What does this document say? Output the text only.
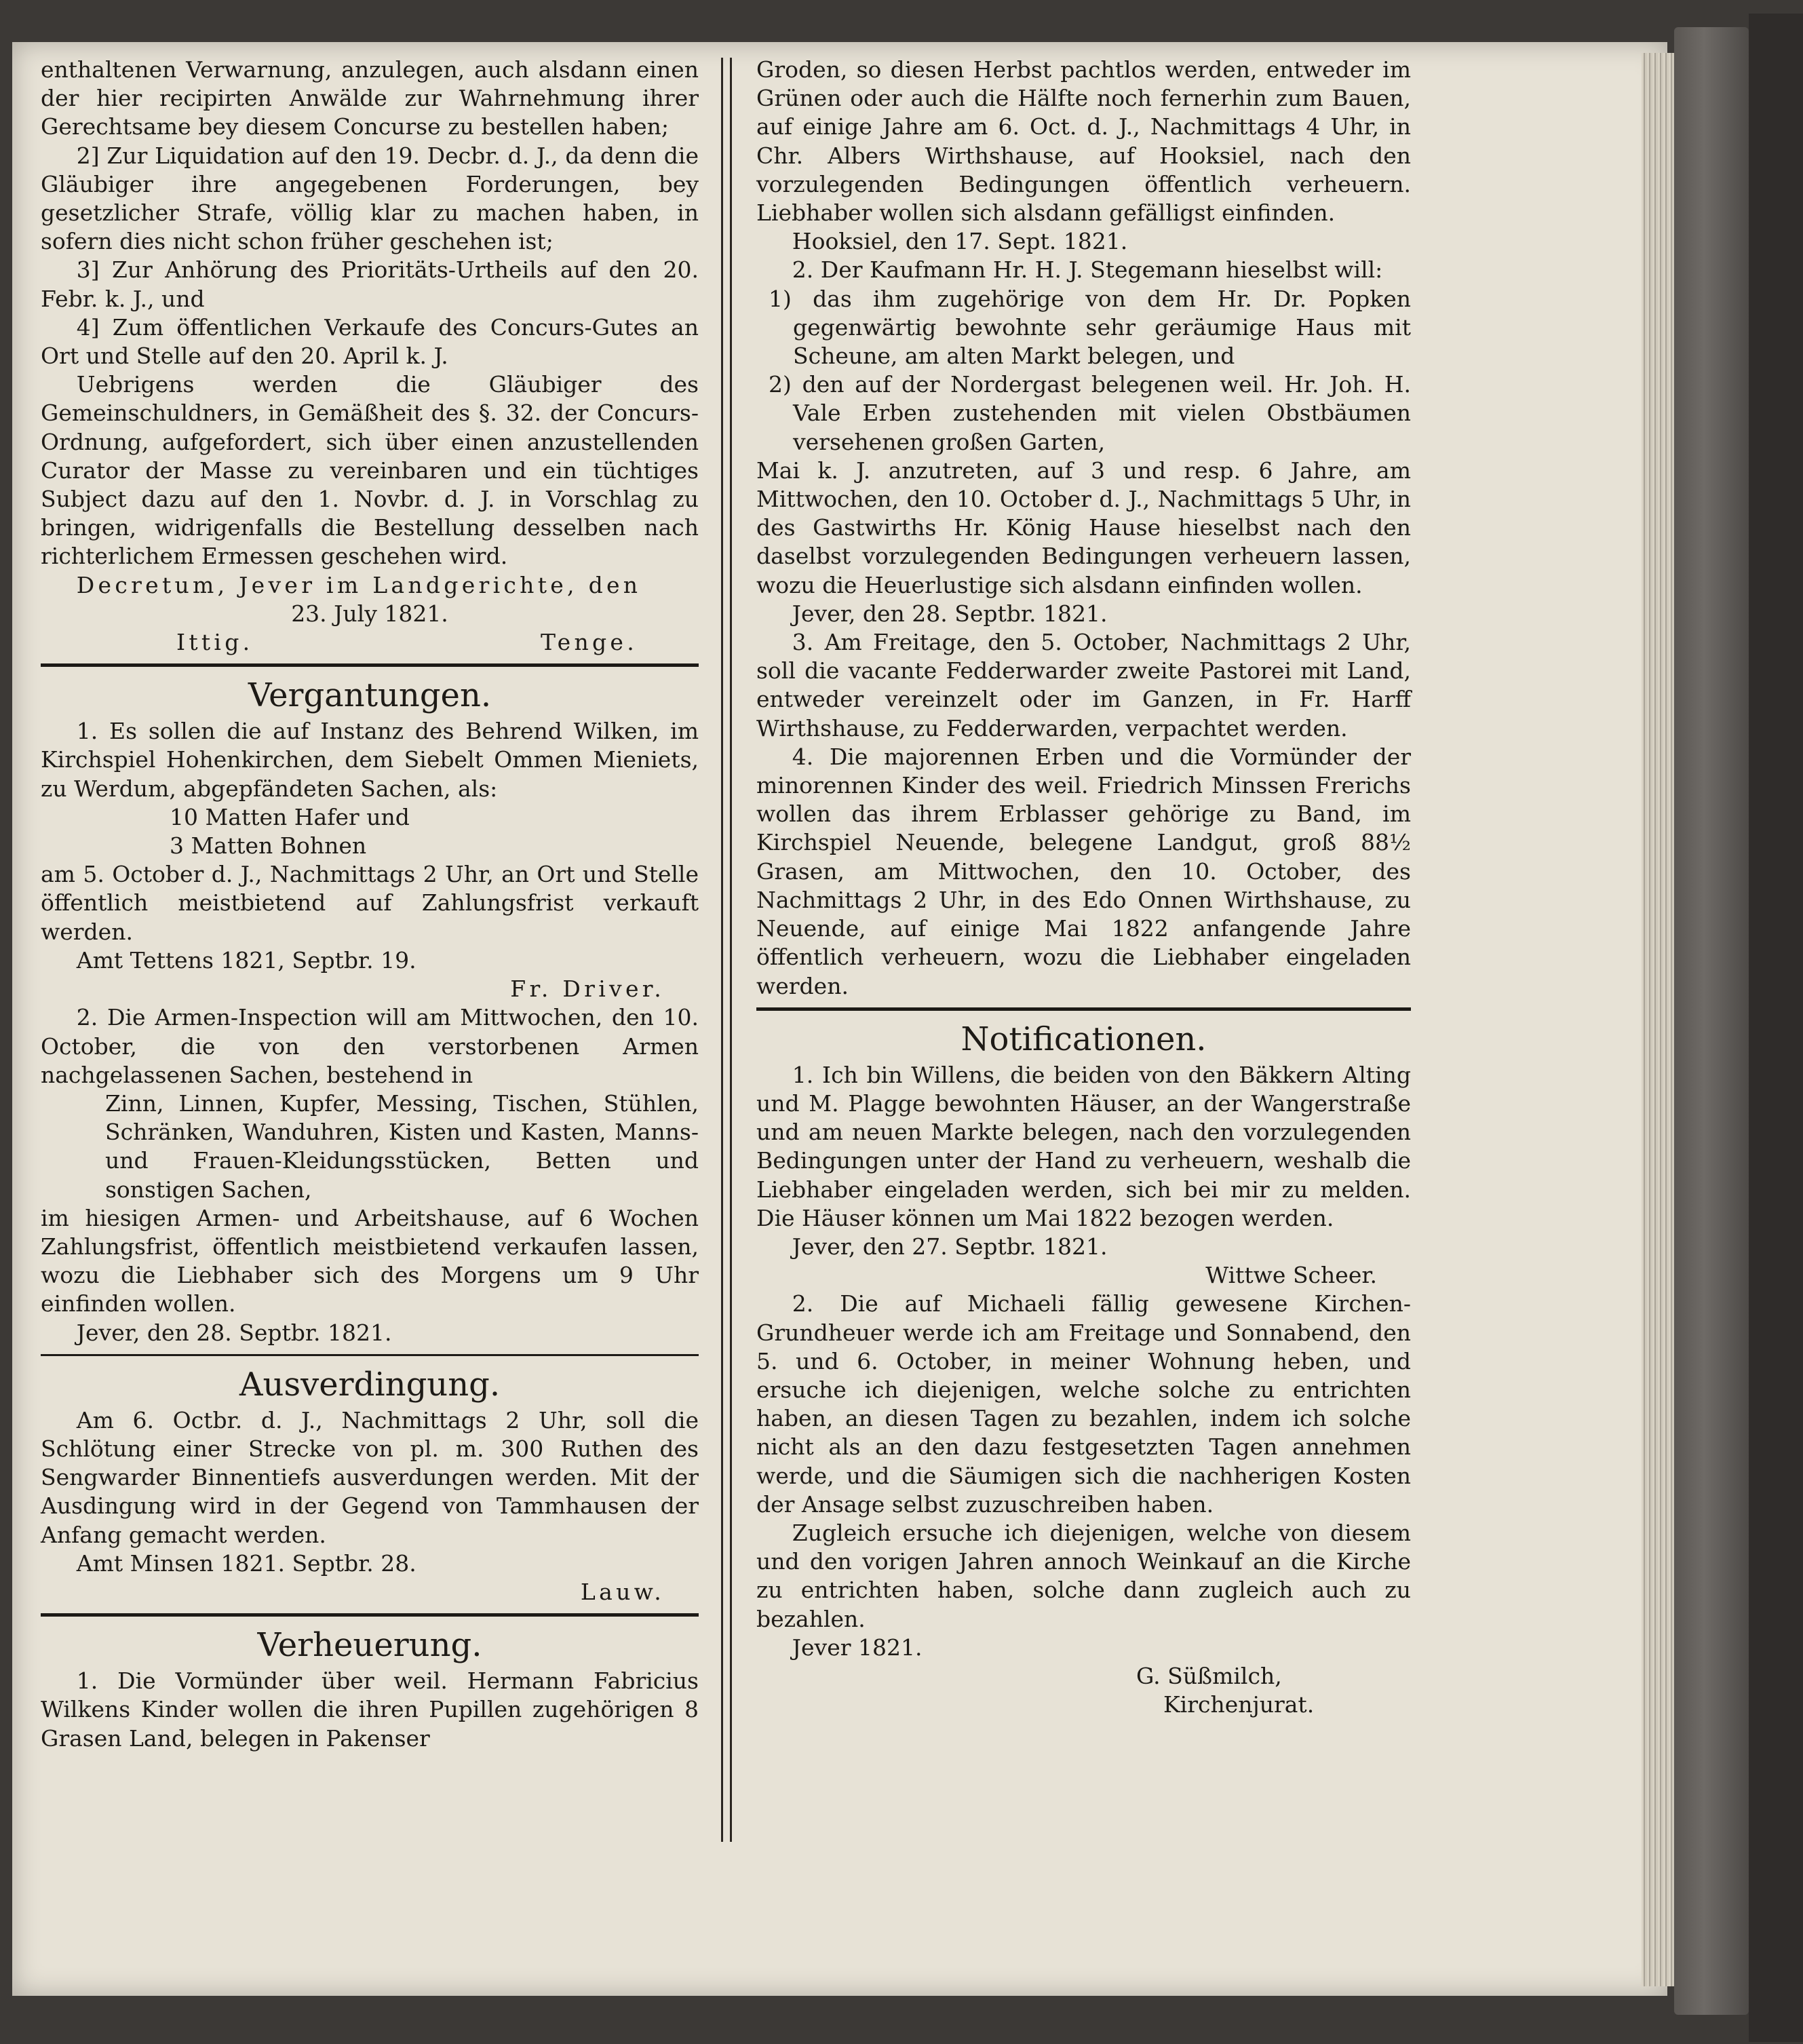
enthaltenen Verwarnung, anzulegen, auch alsdann einen der hier recipirten Anwälde zur Wahrnehmung ihrer Gerechtsame bey diesem Concurse zu bestellen haben;

2] Zur Liquidation auf den 19. Decbr. d. J., da denn die Gläubiger ihre angegebenen Forderungen, bey gesetzlicher Strafe, völlig klar zu machen haben, in sofern dies nicht schon früher geschehen ist;

3] Zur Anhörung des Prioritäts-Urtheils auf den 20. Febr. k. J., und

4] Zum öffentlichen Verkaufe des Concurs-Gutes an Ort und Stelle auf den 20. April k. J.

Uebrigens werden die Gläubiger des Gemeinschuldners, in Gemäßheit des §. 32. der Concurs-Ordnung, aufgefordert, sich über einen anzustellenden Curator der Masse zu vereinbaren und ein tüchtiges Subject dazu auf den 1. Novbr. d. J. in Vorschlag zu bringen, widrigenfalls die Bestellung desselben nach richterlichem Ermessen geschehen wird.

Decretum, Jever im Landgerichte, den

23. July 1821.

Ittig.	Tenge.

Vergantungen.

1. Es sollen die auf Instanz des Behrend Wilken, im Kirchspiel Hohenkirchen, dem Siebelt Ommen Mieniets, zu Werdum, abgepfändeten Sachen, als:

10 Matten Hafer und

3 Matten Bohnen

am 5. October d. J., Nachmittags 2 Uhr, an Ort und Stelle öffentlich meistbietend auf Zahlungsfrist verkauft werden.

Amt Tettens 1821, Septbr. 19.

Fr. Driver.

2. Die Armen-Inspection will am Mittwochen, den 10. October, die von den verstorbenen Armen nachgelassenen Sachen, bestehend in

Zinn, Linnen, Kupfer, Messing, Tischen, Stühlen, Schränken, Wanduhren, Kisten und Kasten, Manns- und Frauen-Kleidungsstücken, Betten und sonstigen Sachen,

im hiesigen Armen- und Arbeitshause, auf 6 Wochen Zahlungsfrist, öffentlich meistbietend verkaufen lassen, wozu die Liebhaber sich des Morgens um 9 Uhr einfinden wollen.

Jever, den 28. Septbr. 1821.

Ausverdingung.

Am 6. Octbr. d. J., Nachmittags 2 Uhr, soll die Schlötung einer Strecke von pl. m. 300 Ruthen des Sengwarder Binnentiefs ausverdungen werden. Mit der Ausdingung wird in der Gegend von Tammhausen der Anfang gemacht werden.

Amt Minsen 1821. Septbr. 28.

Lauw.

Verheuerung.

1. Die Vormünder über weil. Hermann Fabricius Wilkens Kinder wollen die ihren Pupillen zugehörigen 8 Grasen Land, belegen in Pakenser

Groden, so diesen Herbst pachtlos werden, entweder im Grünen oder auch die Hälfte noch fernerhin zum Bauen, auf einige Jahre am 6. Oct. d. J., Nachmittags 4 Uhr, in Chr. Albers Wirthshause, auf Hooksiel, nach den vorzulegenden Bedingungen öffentlich verheuern. Liebhaber wollen sich alsdann gefälligst einfinden.

Hooksiel, den 17. Sept. 1821.

2. Der Kaufmann Hr. H. J. Stegemann hieselbst will:

1) das ihm zugehörige von dem Hr. Dr. Popken gegenwärtig bewohnte sehr geräumige Haus mit Scheune, am alten Markt belegen, und

2) den auf der Nordergast belegenen weil. Hr. Joh. H. Vale Erben zustehenden mit vielen Obstbäumen versehenen großen Garten,

Mai k. J. anzutreten, auf 3 und resp. 6 Jahre, am Mittwochen, den 10. October d. J., Nachmittags 5 Uhr, in des Gastwirths Hr. König Hause hieselbst nach den daselbst vorzulegenden Bedingungen verheuern lassen, wozu die Heuerlustige sich alsdann einfinden wollen.

Jever, den 28. Septbr. 1821.

3. Am Freitage, den 5. October, Nachmittags 2 Uhr, soll die vacante Fedderwarder zweite Pastorei mit Land, entweder vereinzelt oder im Ganzen, in Fr. Harff Wirthshause, zu Fedderwarden, verpachtet werden.

4. Die majorennen Erben und die Vormünder der minorennen Kinder des weil. Friedrich Minssen Frerichs wollen das ihrem Erblasser gehörige zu Band, im Kirchspiel Neuende, belegene Landgut, groß 88½ Grasen, am Mittwochen, den 10. October, des Nachmittags 2 Uhr, in des Edo Onnen Wirthshause, zu Neuende, auf einige Mai 1822 anfangende Jahre öffentlich verheuern, wozu die Liebhaber eingeladen werden.

Notificationen.

1. Ich bin Willens, die beiden von den Bäkkern Alting und M. Plagge bewohnten Häuser, an der Wangerstraße und am neuen Markte belegen, nach den vorzulegenden Bedingungen unter der Hand zu verheuern, weshalb die Liebhaber eingeladen werden, sich bei mir zu melden. Die Häuser können um Mai 1822 bezogen werden.

Jever, den 27. Septbr. 1821.

Wittwe Scheer.

2. Die auf Michaeli fällig gewesene Kirchen-Grundheuer werde ich am Freitage und Sonnabend, den 5. und 6. October, in meiner Wohnung heben, und ersuche ich diejenigen, welche solche zu entrichten haben, an diesen Tagen zu bezahlen, indem ich solche nicht als an den dazu festgesetzten Tagen annehmen werde, und die Säumigen sich die nachherigen Kosten der Ansage selbst zuzuschreiben haben.

Zugleich ersuche ich diejenigen, welche von diesem und den vorigen Jahren annoch Weinkauf an die Kirche zu entrichten haben, solche dann zugleich auch zu bezahlen.

Jever 1821.

G. Süßmilch,

Kirchenjurat.
